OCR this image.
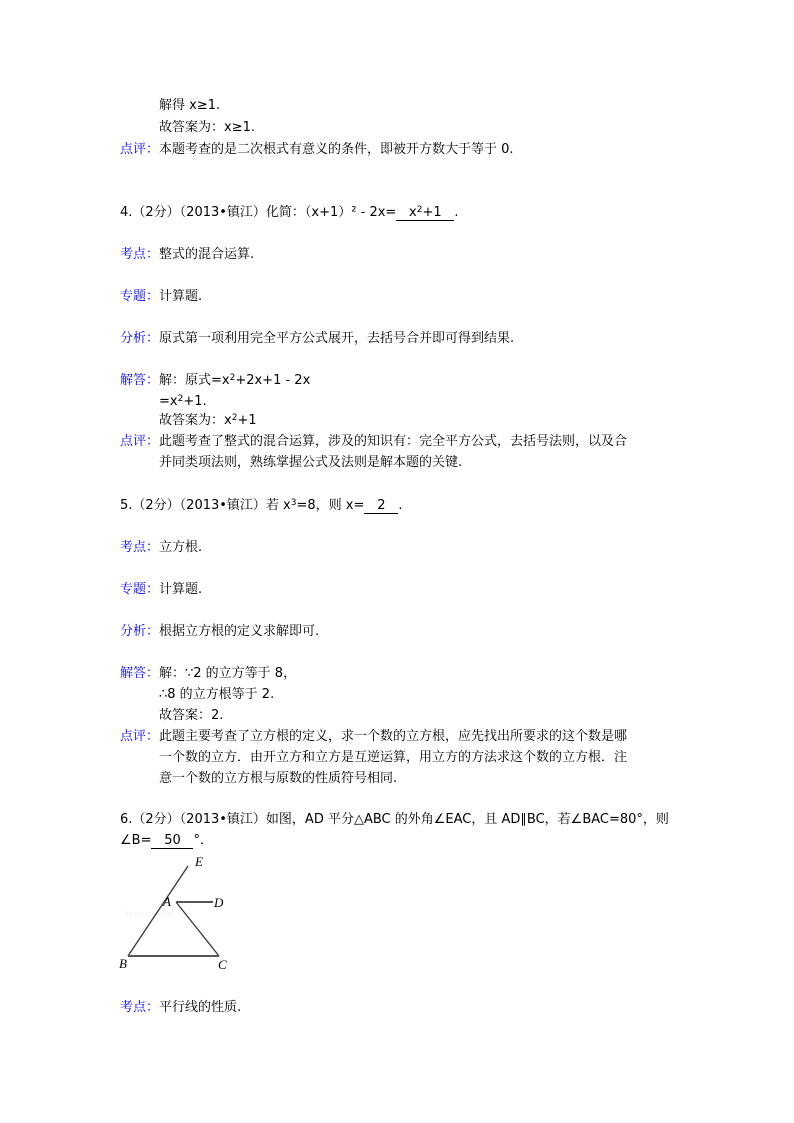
解得 x≥1.
故答案为：x≥1.
点评： 本题考查的是二次根式有意义的条件，即被开方数大于等于 0.
4.（2分）（2013•镇江）化简：$(x+1)^2 - 2x= x^2+1$ .
考点： 整式的混合运算.
专题： 计算题.
分析： 原式第一项利用完全平方公式展开，去括号合并即可得到结果.
解答： 解：原式$=x^2+2x+1 - 2x$
$=x^2+1$.
故答案为：$x^2+1$
点评： 此题考查了整式的混合运算，涉及的知识有：完全平方公式，去括号法则，以及合
并同类项法则，熟练掌握公式及法则是解本题的关键.
5.（2分）（2013•镇江）若 $x^3=8$，则 x= 2 .
考点： 立方根.
专题： 计算题.
分析： 根据立方根的定义求解即可.
解答： 解：∵2 的立方等于 8，
∴8 的立方根等于 2.
故答案：2.
点评： 此题主要考查了立方根的定义，求一个数的立方根，应先找出所要求的这个数是哪
一个数的立方．由开立方和立方是互逆运算，用立方的方法求这个数的立方根．注
意一个数的立方根与原数的性质符号相同.
6.（2分）（2013•镇江）如图，AD 平分△ABC 的外角∠EAC，且 AD∥BC，若∠BAC=80°，则
∠B= 50 °．
Jyeoo.com
E
A	D
B	C
考点： 平行线的性质.
